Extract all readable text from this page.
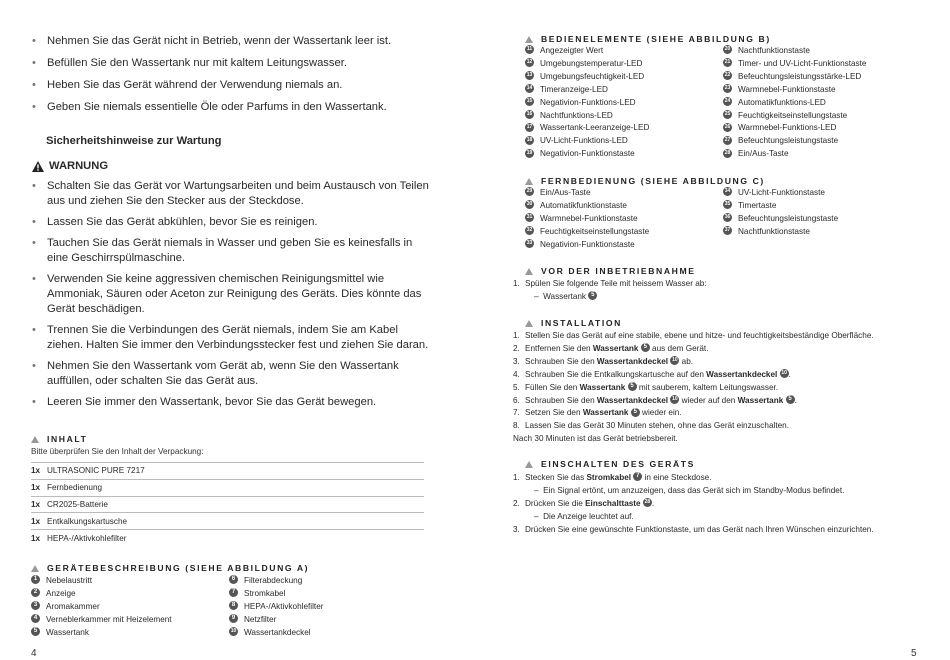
• Nehmen Sie das Gerät nicht in Betrieb, wenn der Wassertank leer ist.
• Befüllen Sie den Wassertank nur mit kaltem Leitungswasser.
• Heben Sie das Gerät während der Verwendung niemals an.
• Geben Sie niemals essentielle Öle oder Parfums in den Wassertank.
Sicherheitshinweise zur Wartung
WARNUNG
• Schalten Sie das Gerät vor Wartungsarbeiten und beim Austausch von Teilen aus und ziehen Sie den Stecker aus der Steckdose.
• Lassen Sie das Gerät abkühlen, bevor Sie es reinigen.
• Tauchen Sie das Gerät niemals in Wasser und geben Sie es keinesfalls in eine Geschirrspülmaschine.
• Verwenden Sie keine aggressiven chemischen Reinigungsmittel wie Ammoniak, Säuren oder Aceton zur Reinigung des Geräts. Dies könnte das Gerät beschädigen.
• Trennen Sie die Verbindungen des Gerät niemals, indem Sie am Kabel ziehen. Halten Sie immer den Verbindungsstecker fest und ziehen Sie daran.
• Nehmen Sie den Wassertank vom Gerät ab, wenn Sie den Wassertank auffüllen, oder schalten Sie das Gerät aus.
• Leeren Sie immer den Wassertank, bevor Sie das Gerät bewegen.
INHALT
Bitte überprüfen Sie den Inhalt der Verpackung:
1x	ULTRASONIC PURE 7217
1x	Fernbedienung
1x	CR2025-Batterie
1x	Entkalkungskartusche
1x	HEPA-/Aktivkohlefilter
GERÄTEBESCHREIBUNG (SIEHE ABBILDUNG A)
1 Nebelaustritt	6 Filterabdeckung
2 Anzeige	7 Stromkabel
3 Aromakammer	8 HEPA-/Aktivkohlefilter
4 Verneblerkammer mit Heizelement	9 Netzfilter
5 Wassertank	10 Wassertankdeckel
4
BEDIENELEMENTE (SIEHE ABBILDUNG B)
11 Angezeigter Wert	20 Nachtfunktionstaste
12 Umgebungstemperatur-LED	21 Timer- und UV-Licht-Funktionstaste
13 Umgebungsfeuchtigkeit-LED	22 Befeuchtungsleistungsstärke-LED
14 Timeranzeige-LED	23 Warmnebel-Funktionstaste
15 Negativion-Funktions-LED	24 Automatikfunktions-LED
16 Nachtfunktions-LED	25 Feuchtigkeitseinstellungstaste
17 Wassertank-Leeranzeige-LED	26 Warmnebel-Funktions-LED
18 UV-Licht-Funktions-LED	27 Befeuchtungsleistungstaste
19 Negativion-Funktionstaste	28 Ein/Aus-Taste
FERNBEDIENUNG (SIEHE ABBILDUNG C)
29 Ein/Aus-Taste	34 UV-Licht-Funktionstaste
30 Automatikfunktionstaste	35 Timertaste
31 Warmnebel-Funktionstaste	36 Befeuchtungsleistungstaste
32 Feuchtigkeitseinstellungstaste	37 Nachtfunktionstaste
33 Negativion-Funktionstaste
VOR DER INBETRIEBNAHME
1. Spülen Sie folgende Teile mit heissem Wasser ab:
–  Wassertank 5
INSTALLATION
1. Stellen Sie das Gerät auf eine stabile, ebene und hitze- und feuchtigkeitsbeständige Oberfläche.
2. Entfernen Sie den Wassertank 5 aus dem Gerät.
3. Schrauben Sie den Wassertankdeckel 10 ab.
4. Schrauben Sie die Entkalkungskartusche auf den Wassertankdeckel 10 .
5. Füllen Sie den Wassertank 5 mit sauberem, kaltem Leitungswasser.
6. Schrauben Sie den Wassertankdeckel 10 wieder auf den Wassertank 5 .
7. Setzen Sie den Wassertank 5 wieder ein.
8. Lassen Sie das Gerät 30 Minuten stehen, ohne das Gerät einzuschalten.
Nach 30 Minuten ist das Gerät betriebsbereit.
EINSCHALTEN DES GERÄTS
1. Stecken Sie das Stromkabel 7 in eine Steckdose.
–  Ein Signal ertönt, um anzuzeigen, dass das Gerät sich im Standby-Modus befindet.
2. Drücken Sie die Einschalttaste 28 .
–  Die Anzeige leuchtet auf.
3. Drücken Sie eine gewünschte Funktionstaste, um das Gerät nach Ihren Wünschen einzurichten.
5
